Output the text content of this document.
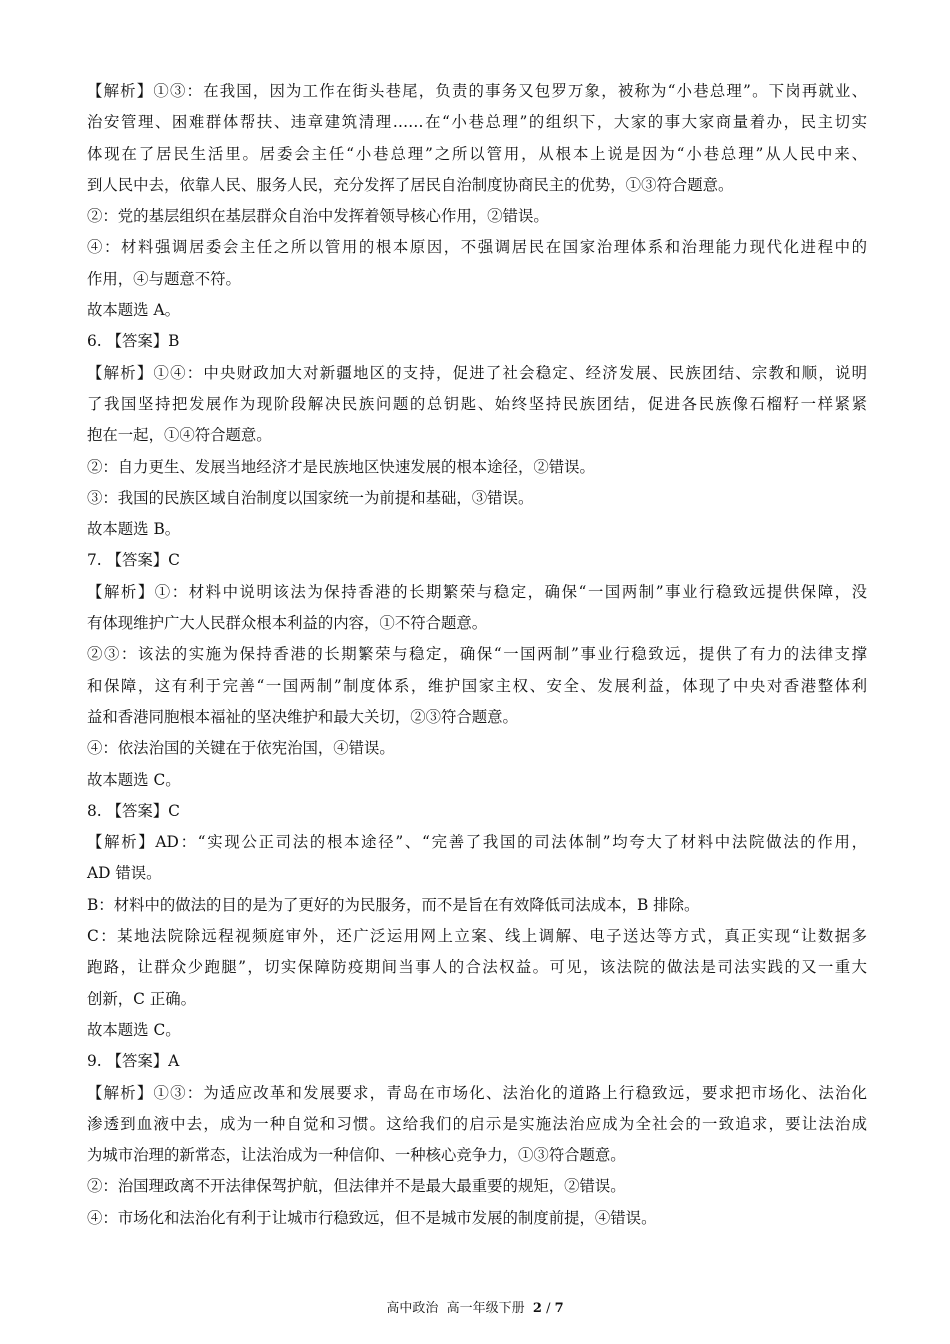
【解析】①③：在我国，因为工作在街头巷尾，负责的事务又包罗万象，被称为“小巷总理”。下岗再就业、

治安管理、困难群体帮扶、违章建筑清理……在“小巷总理”的组织下，大家的事大家商量着办，民主切实

体现在了居民生活里。居委会主任“小巷总理”之所以管用，从根本上说是因为“小巷总理”从人民中来、

到人民中去，依靠人民、服务人民，充分发挥了居民自治制度协商民主的优势，①③符合题意。

②：党的基层组织在基层群众自治中发挥着领导核心作用，②错误。

④：材料强调居委会主任之所以管用的根本原因，不强调居民在国家治理体系和治理能力现代化进程中的

作用，④与题意不符。

故本题选 A。

6. 【答案】B

【解析】①④：中央财政加大对新疆地区的支持，促进了社会稳定、经济发展、民族团结、宗教和顺，说明

了我国坚持把发展作为现阶段解决民族问题的总钥匙、始终坚持民族团结，促进各民族像石榴籽一样紧紧

抱在一起，①④符合题意。

②：自力更生、发展当地经济才是民族地区快速发展的根本途径，②错误。

③：我国的民族区域自治制度以国家统一为前提和基础，③错误。

故本题选 B。

7. 【答案】C

【解析】①：材料中说明该法为保持香港的长期繁荣与稳定，确保“一国两制”事业行稳致远提供保障，没

有体现维护广大人民群众根本利益的内容，①不符合题意。

②③：该法的实施为保持香港的长期繁荣与稳定，确保“一国两制”事业行稳致远，提供了有力的法律支撑

和保障，这有利于完善“一国两制”制度体系，维护国家主权、安全、发展利益，体现了中央对香港整体利

益和香港同胞根本福祉的坚决维护和最大关切，②③符合题意。

④：依法治国的关键在于依宪治国，④错误。

故本题选 C。

8. 【答案】C

【解析】AD：“实现公正司法的根本途径”、“完善了我国的司法体制”均夸大了材料中法院做法的作用，

AD 错误。

B：材料中的做法的目的是为了更好的为民服务，而不是旨在有效降低司法成本，B 排除。

C：某地法院除远程视频庭审外，还广泛运用网上立案、线上调解、电子送达等方式，真正实现“让数据多

跑路，让群众少跑腿”，切实保障防疫期间当事人的合法权益。可见，该法院的做法是司法实践的又一重大

创新，C 正确。

故本题选 C。

9. 【答案】A

【解析】①③：为适应改革和发展要求，青岛在市场化、法治化的道路上行稳致远，要求把市场化、法治化

渗透到血液中去，成为一种自觉和习惯。这给我们的启示是实施法治应成为全社会的一致追求，要让法治成

为城市治理的新常态，让法治成为一种信仰、一种核心竞争力，①③符合题意。

②：治国理政离不开法律保驾护航，但法律并不是最大最重要的规矩，②错误。

④：市场化和法治化有利于让城市行稳致远，但不是城市发展的制度前提，④错误。

高中政治 高一年级下册 2 / 7
